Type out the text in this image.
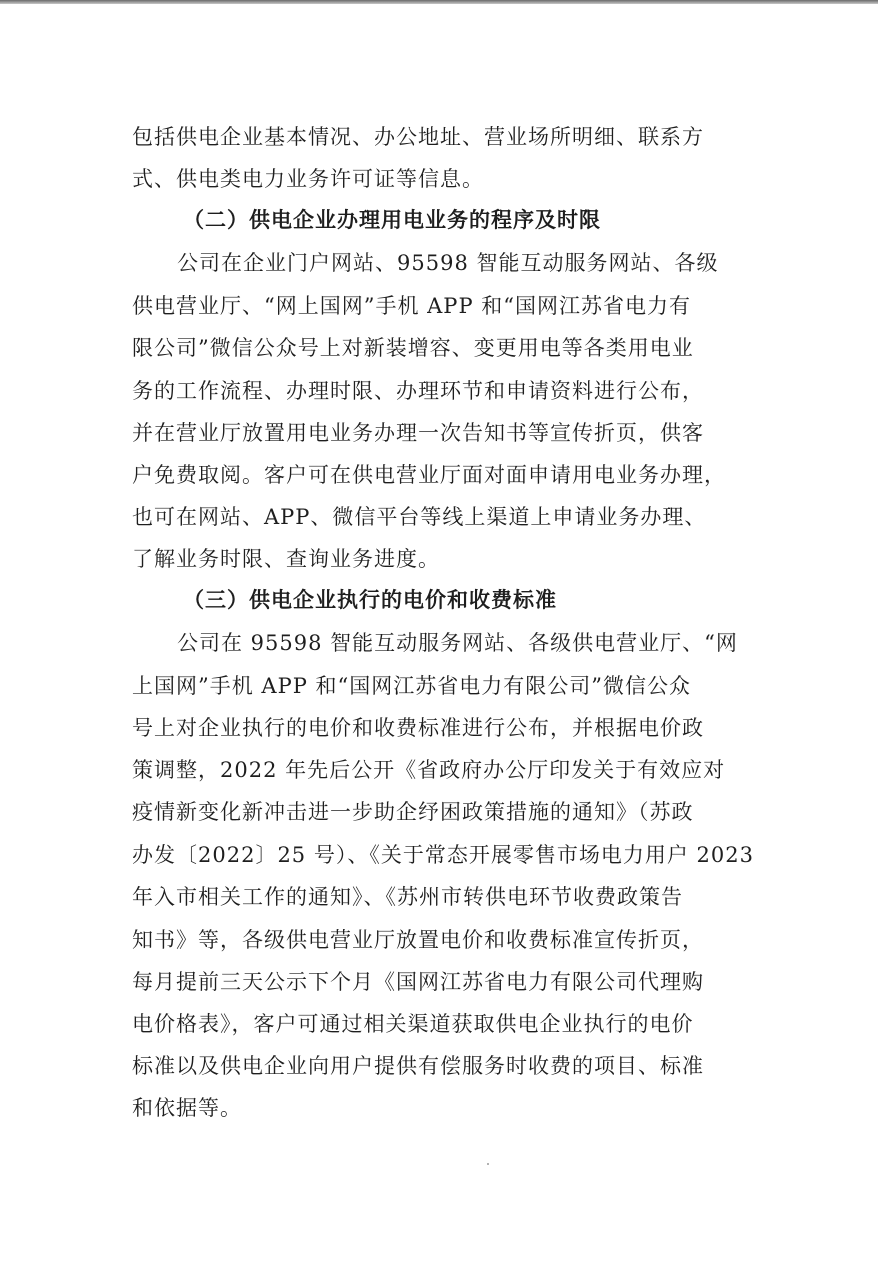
包括供电企业基本情况、办公地址、营业场所明细、联系方
式、供电类电力业务许可证等信息。
（二）供电企业办理用电业务的程序及时限
公司在企业门户网站、95598 智能互动服务网站、各级
供电营业厅、“网上国网”手机 APP 和“国网江苏省电力有
限公司”微信公众号上对新装增容、变更用电等各类用电业
务的工作流程、办理时限、办理环节和申请资料进行公布，
并在营业厅放置用电业务办理一次告知书等宣传折页，供客
户免费取阅。客户可在供电营业厅面对面申请用电业务办理，
也可在网站、APP、微信平台等线上渠道上申请业务办理、
了解业务时限、查询业务进度。
（三）供电企业执行的电价和收费标准
公司在 95598 智能互动服务网站、各级供电营业厅、“网
上国网”手机 APP 和“国网江苏省电力有限公司”微信公众
号上对企业执行的电价和收费标准进行公布，并根据电价政
策调整，2022 年先后公开《省政府办公厅印发关于有效应对
疫情新变化新冲击进一步助企纾困政策措施的通知》（苏政
办发〔2022〕25 号）、《关于常态开展零售市场电力用户 2023
年入市相关工作的通知》、《苏州市转供电环节收费政策告
知书》等，各级供电营业厅放置电价和收费标准宣传折页，
每月提前三天公示下个月《国网江苏省电力有限公司代理购
电价格表》，客户可通过相关渠道获取供电企业执行的电价
标准以及供电企业向用户提供有偿服务时收费的项目、标准
和依据等。
